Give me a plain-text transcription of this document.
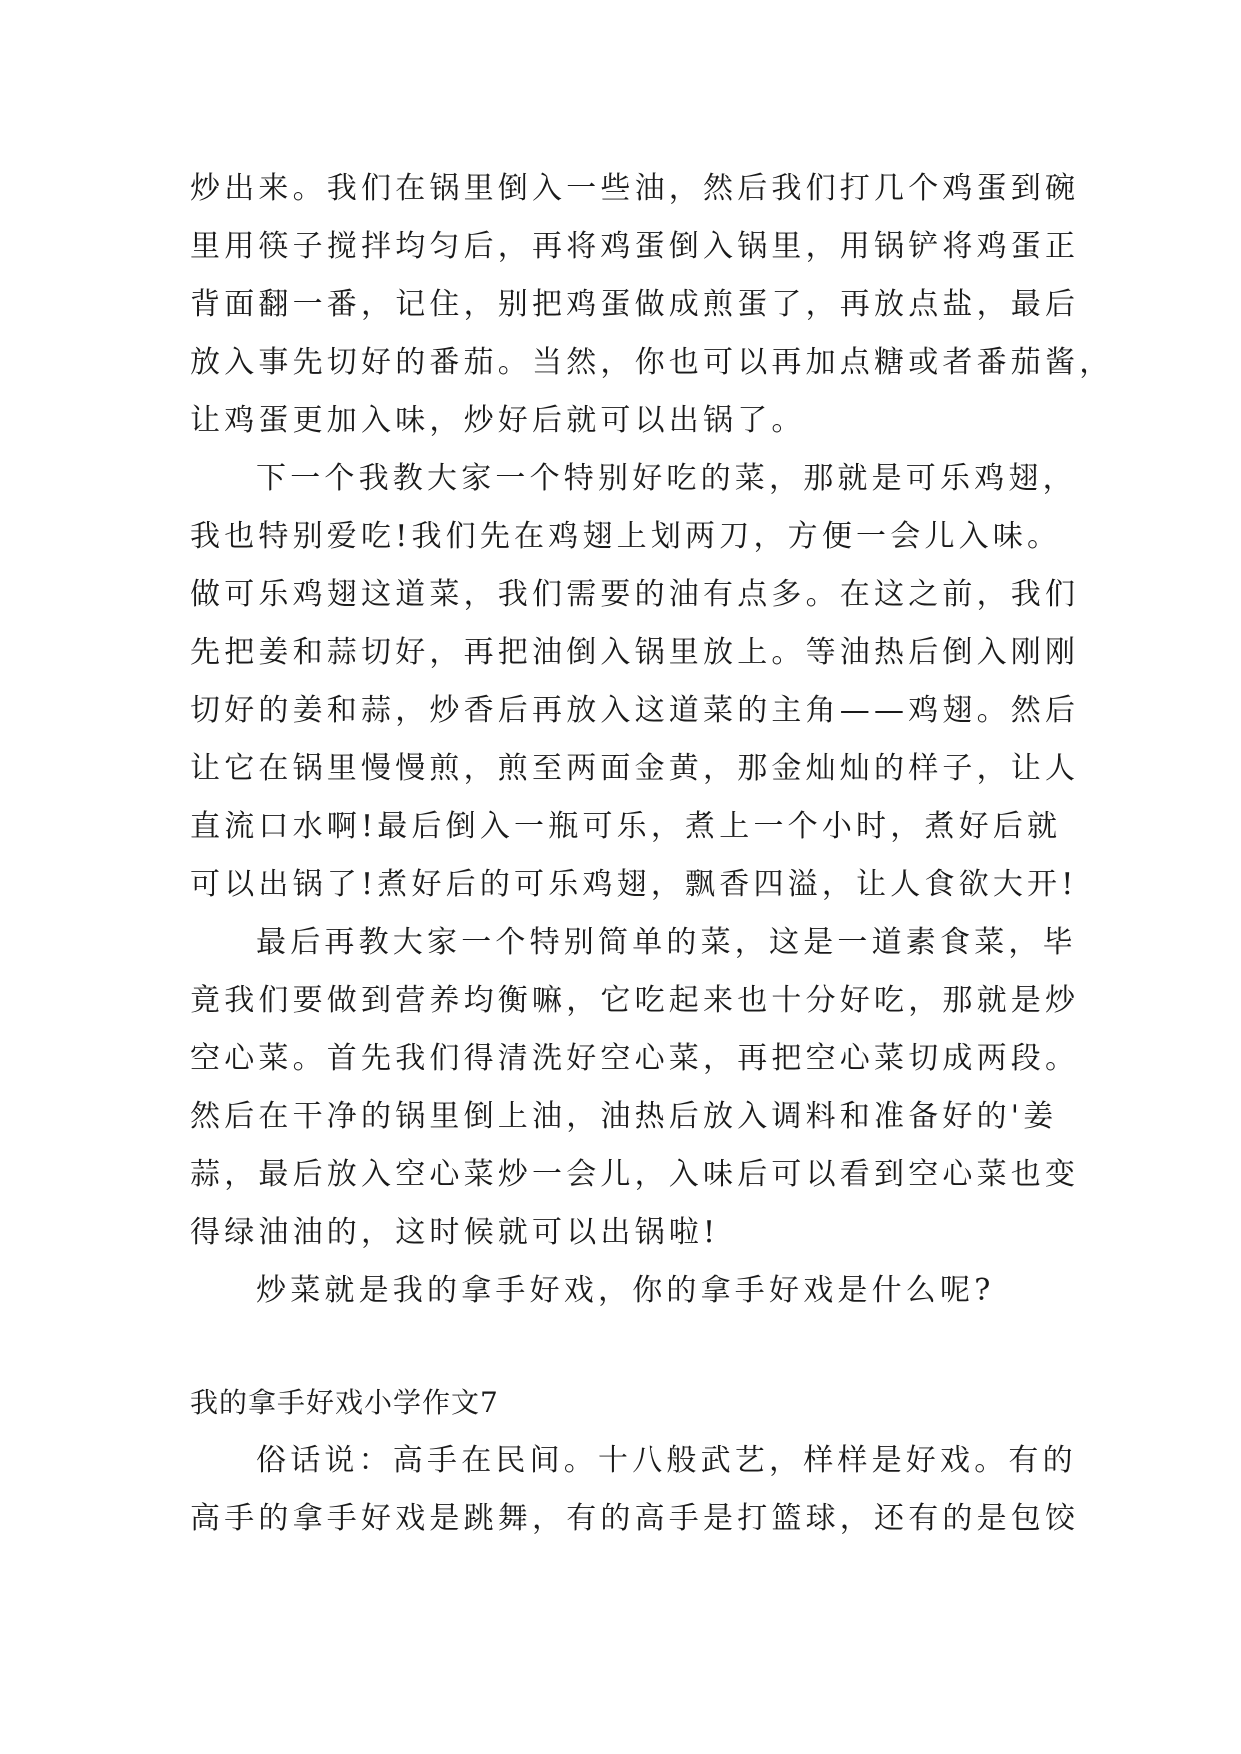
炒出来。我们在锅里倒入一些油，然后我们打几个鸡蛋到碗
里用筷子搅拌均匀后，再将鸡蛋倒入锅里，用锅铲将鸡蛋正
背面翻一番，记住，别把鸡蛋做成煎蛋了，再放点盐，最后
放入事先切好的番茄。当然，你也可以再加点糖或者番茄酱，
让鸡蛋更加入味，炒好后就可以出锅了。
下一个我教大家一个特别好吃的菜，那就是可乐鸡翅，
我也特别爱吃!我们先在鸡翅上划两刀，方便一会儿入味。
做可乐鸡翅这道菜，我们需要的油有点多。在这之前，我们
先把姜和蒜切好，再把油倒入锅里放上。等油热后倒入刚刚
切好的姜和蒜，炒香后再放入这道菜的主角——鸡翅。然后
让它在锅里慢慢煎，煎至两面金黄，那金灿灿的样子，让人
直流口水啊!最后倒入一瓶可乐，煮上一个小时，煮好后就
可以出锅了!煮好后的可乐鸡翅，飘香四溢，让人食欲大开!
最后再教大家一个特别简单的菜，这是一道素食菜，毕
竟我们要做到营养均衡嘛，它吃起来也十分好吃，那就是炒
空心菜。首先我们得清洗好空心菜，再把空心菜切成两段。
然后在干净的锅里倒上油，油热后放入调料和准备好的'姜
蒜，最后放入空心菜炒一会儿，入味后可以看到空心菜也变
得绿油油的，这时候就可以出锅啦!
炒菜就是我的拿手好戏，你的拿手好戏是什么呢?
我的拿手好戏小学作文7
俗话说：高手在民间。十八般武艺，样样是好戏。有的
高手的拿手好戏是跳舞，有的高手是打篮球，还有的是包饺
